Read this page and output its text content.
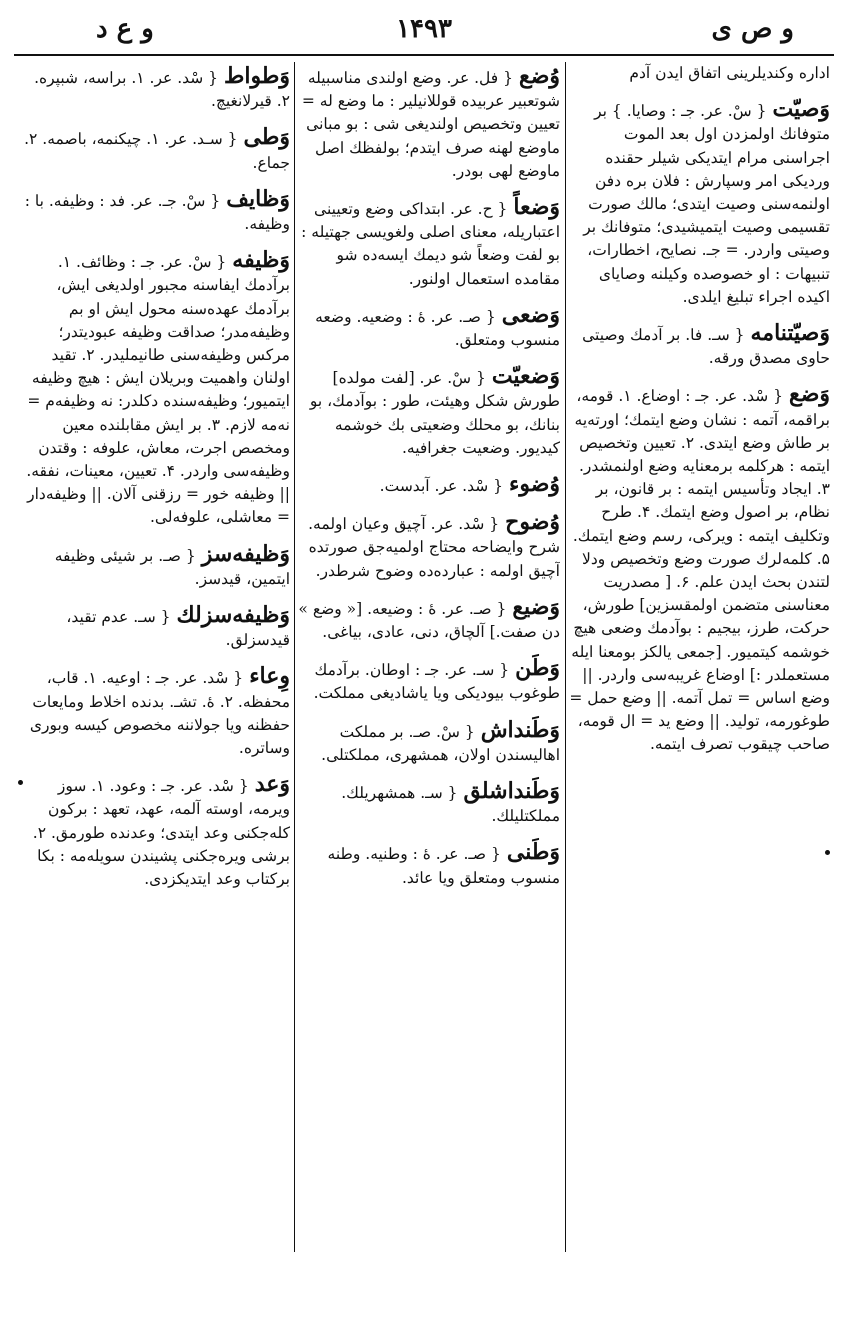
و ص ی
۱۴۹۳
و ع د

اداره وكندیلرینی اتفاق ایدن آدم

وَصیّت{ سْ. عر. جـ : وصایا. } بر متوفانك اولمزدن اول بعد الموت اجراسنی مرام ایتدیكی شیلر حقنده وردیكی امر وسپارش : فلان بره دفن اولنمه‌سنی وصیت ایتدی؛ مالك صورت تقسیمی وصیت ایتمیشیدی؛ متوفانك بر وصیتی واردر. = جـ. نصایح، اخطارات، تنبیهات : او خصوصده وكیلنه وصایای اكیده اجراء تبلیغ ایلدی.

وَصیّتنامه{ سـ. فا. بر آدمك وصیتی حاوی مصدق ورقه.

وَضع{ سْد. عر. جـ : اوضاع. ۱. قومه، براقمه، آتمه : نشان وضع ایتمك؛ اورته‌یه بر طاش وضع ایتدی. ۲. تعیین وتخصیص ایتمه : هركلمه برمعنایه وضع اولنمشدر. ۳. ایجاد وتأسیس ایتمه : بر قانون، بر نظام، بر اصول وضع ایتمك. ۴. طرح وتكلیف ایتمه : ویركی، رسم وضع ایتمك. ۵. كلمه‌لرك صورت وضع وتخصیص ودلا لتندن بحث ایدن علم. ۶. [ مصدریت معناسنی متضمن اولمقسزین] طورش، حركت، طرز، بیجیم : بوآدمك وضعی هیچ خوشمه كیتمیور. [جمعی یالكز بومعنا ایله مستعملدر :] اوضاع غریبه‌سی واردر. || وضع اساس = تمل آتمه. || وضع حمل = طوغورمه، تولید. || وضع ید = ال قومه، صاحب چیقوب تصرف ایتمه.

وُضع{ فل. عر. وضع اولندی مناسبیله شوتعبیر عربیده قوللانیلیر : ما وضع له = تعیین وتخصیص اولندیغی شی : بو مبانی ماوضع لهنه صرف ایتدم؛ بولفظك اصل ماوضع لهی بودر.

وَضعاً{ ح. عر. ابتداكی وضع وتعیینی اعتباریله، معنای اصلی ولغویسی جهتیله : بو لفت وضعاً شو دیمك ایسه‌ده شو مقامده استعمال اولنور.

وَضعی{ صـ. عر. ۀ : وضعیه. وضعه منسوب ومتعلق.

وَضعیّت{ سْ. عر. [لفت مولده] طورش شكل وهیئت، طور : بوآدمك، بو بنانك، بو محلك وضعیتی بك خوشمه كیدیور. وضعیت جغرافیه.

وُضوء{ سْد. عر. آبدست.

وُضوح{ سْد. عر. آچیق وعیان اولمه. شرح وایضاحه محتاج اولمیه‌جق صورتده آچیق اولمه : عبارده‌ده وضوح شرطدر.

وَضیع{ صـ. عر. ۀ : وضیعه. [« وضع » دن صفت.] آلچاق، دنی، عادی، بیاغی.

وَطَن{ سـ. عر. جـ : اوطان. برآدمك طوغوب بیودیكی ویا یاشادیغی مملكت.

وَطَنداش{ سْ. صـ. بر مملكت اهالیسندن اولان، همشهری، مملكتلی.

وَطَنداشلق{ سـ. همشهریلك. مملكتلیلك.

وَطَنی{ صـ. عر. ۀ : وطنیه. وطنه منسوب ومتعلق ویا عائد.

وَطواط{ سْد. عر. ۱. براسه، شبپره. ۲. قیرلانغیچ.

وَطی{ سـد. عر. ۱. چیكنمه، باصمه. ۲. جماع.

وَظایف{ سْ. جـ. عر. فد : وظیفه. با : وظیفه.

وَظیفه{ سْ. عر. جـ : وظائف. ۱. برآدمك ایفاسنه مجبور اولدیغی ایش، برآدمك عهده‌سنه محول ایش او بم وظیفه‌مدر؛ صداقت وظیفه عبودیتدر؛ مركس وظیفه‌سنی طانیملیدر. ۲. تقید اولنان واهمیت وبریلان ایش : هیچ وظیفه ایتمیور؛ وظیفه‌سنده دكلدر: نه وظیفه‌م = نه‌مه لازم. ۳. بر ایش مقابلنده معین ومخصص اجرت، معاش، علوفه : وقتدن وظیفه‌سی واردر. ۴. تعیین، معینات، نفقه. || وظیفه خور = رزقنی آلان. || وظیفه‌دار = معاشلی، علوفه‌لی.

وَظیفه‌سز{ صـ. بر شیئی وظیفه ایتمین، قیدسز.

وَظیفه‌سزلك{ سـ. عدم تقید، قیدسزلق.

وِعاء{ سْد. عر. جـ : اوعیه. ۱. قاب، محفظه. ۲. ۀ. تشـ. بدنده اخلاط ومایعات حفظنه ویا جولاننه مخصوص كیسه وبوری وساتره.

وَعد{ سْد. عر. جـ : وعود. ۱. سوز ویرمه، اوسته آلمه، عهد، تعهد : بركون كله‌جكنی وعد ایتدی؛ وعدنده طورمق. ۲. برشی ویره‌جكنی پشیندن سویله‌مه : بكا بركتاب وعد ایتدیكزدی.
